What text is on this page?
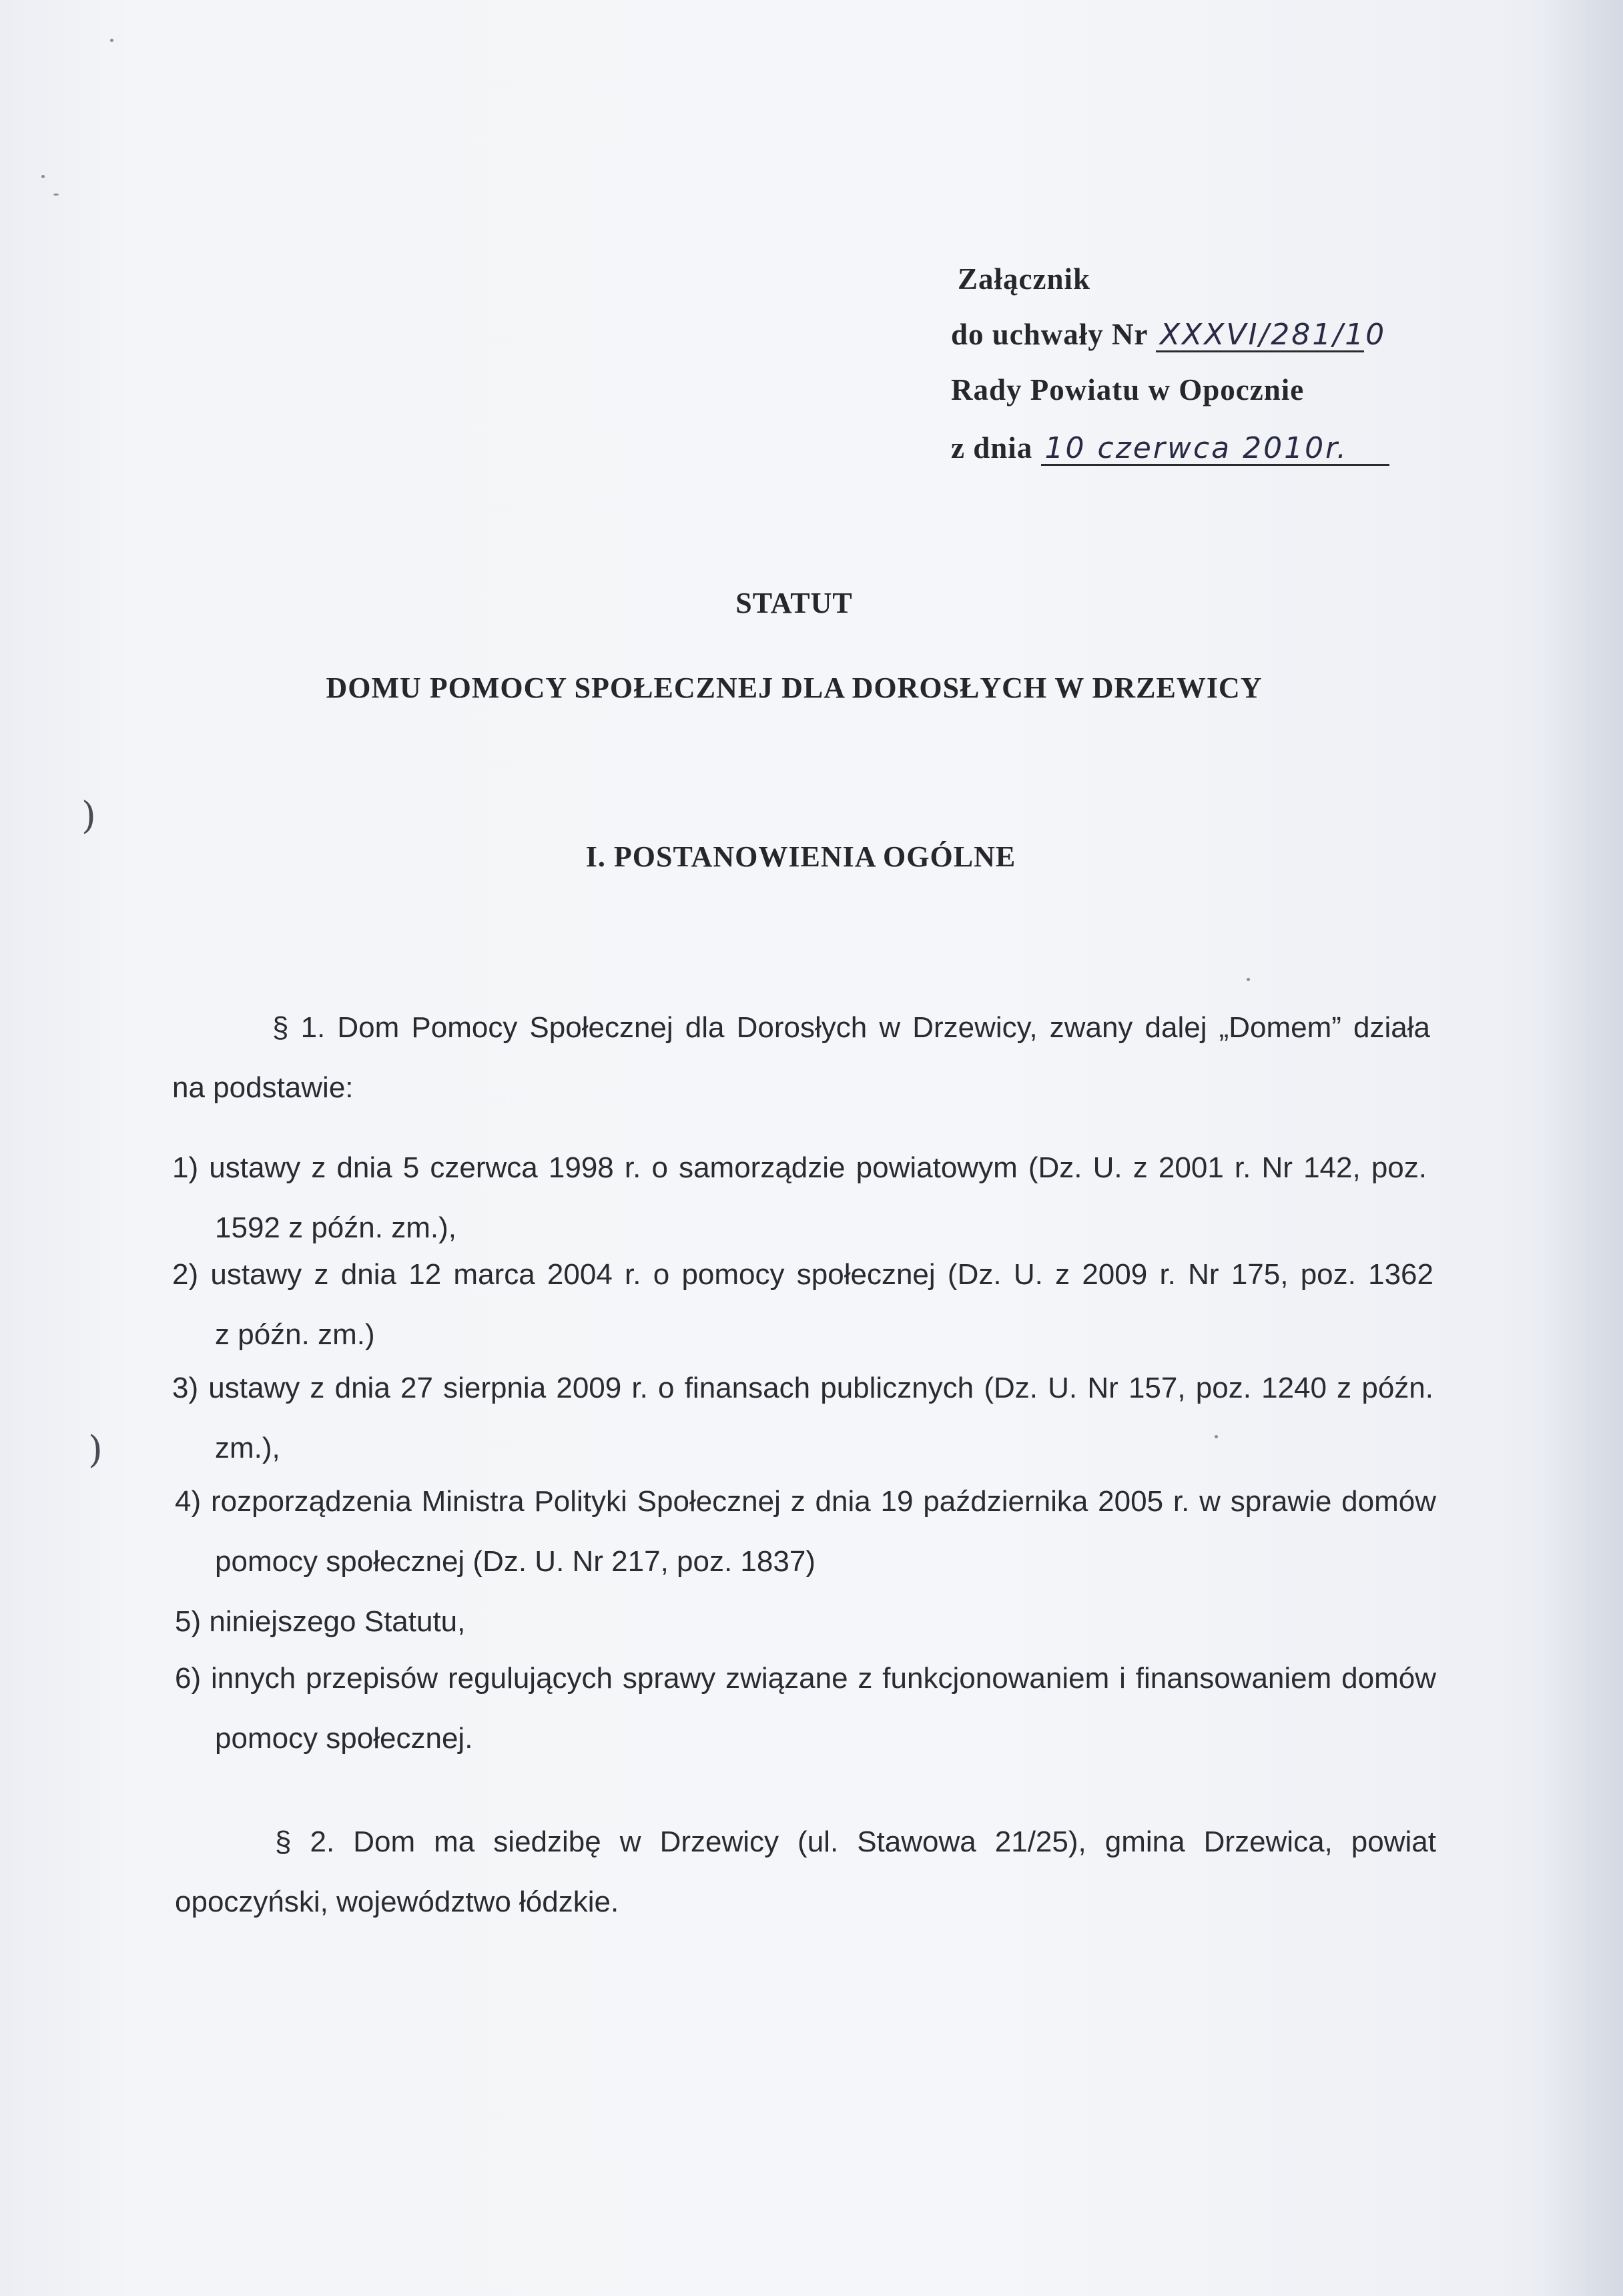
)
)
Załącznik
do uchwały Nr XXXVI/281/10
Rady Powiatu w Opocznie
z dnia 10 czerwca 2010r.
STATUT
DOMU POMOCY SPOŁECZNEJ DLA DOROSŁYCH W DRZEWICY
I. POSTANOWIENIA OGÓLNE
§ 1. Dom Pomocy Społecznej dla Dorosłych w Drzewicy, zwany dalej „Domem” działa
na podstawie:
1) ustawy z dnia 5 czerwca 1998 r. o samorządzie powiatowym (Dz. U. z 2001 r. Nr 142, poz.
1592 z późn. zm.),
2) ustawy z dnia 12 marca 2004 r. o pomocy społecznej (Dz. U. z 2009 r. Nr 175, poz. 1362
z późn. zm.)
3) ustawy z dnia 27 sierpnia 2009 r. o finansach publicznych (Dz. U. Nr 157, poz. 1240 z późn.
zm.),
4) rozporządzenia Ministra Polityki Społecznej z dnia 19 października 2005 r. w sprawie domów
pomocy społecznej (Dz. U. Nr 217, poz. 1837)
5) niniejszego Statutu,
6) innych przepisów regulujących sprawy związane z funkcjonowaniem i finansowaniem domów
pomocy społecznej.
§ 2. Dom ma siedzibę w Drzewicy (ul. Stawowa 21/25), gmina Drzewica, powiat
opoczyński, województwo łódzkie.
